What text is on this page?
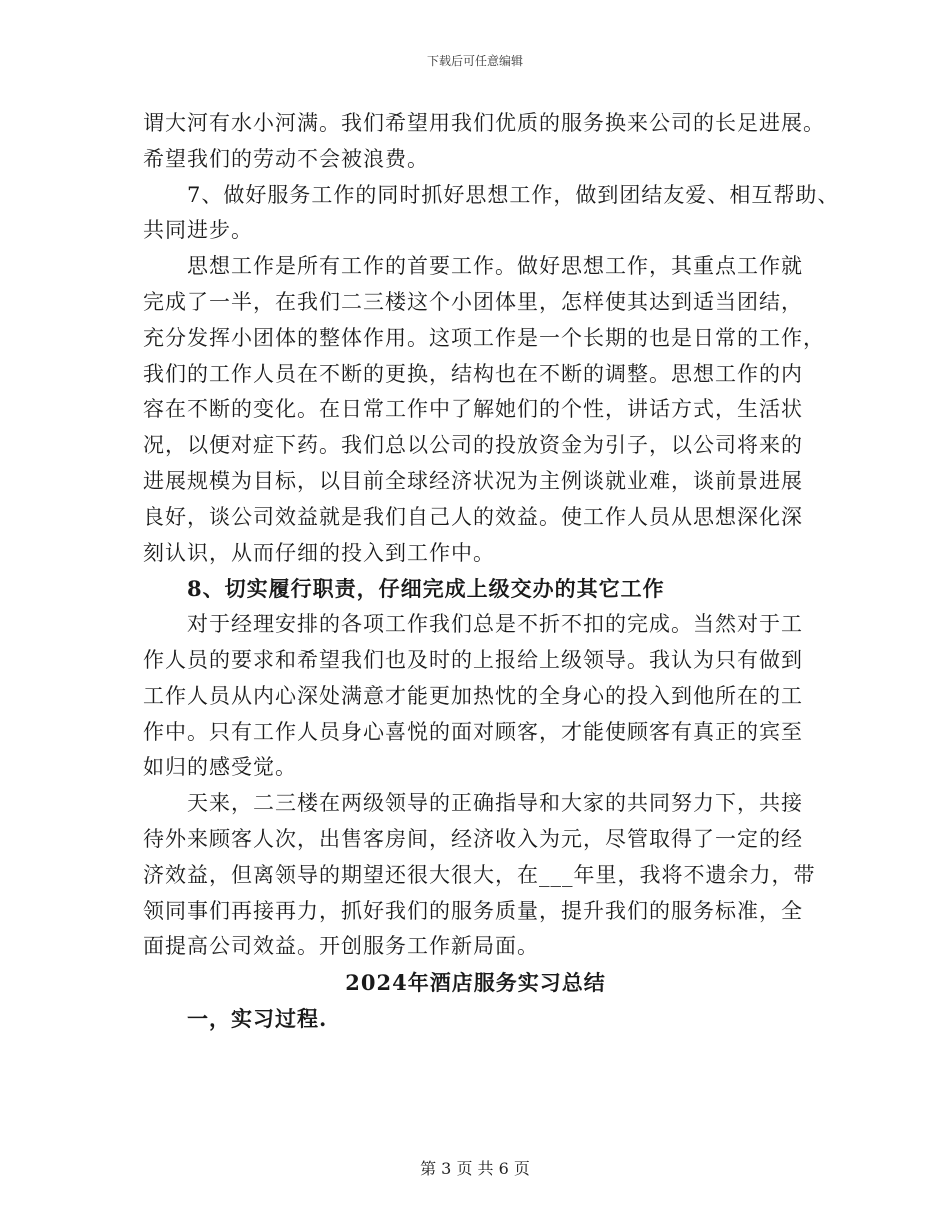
下载后可任意编辑
谓大河有水小河满。我们希望用我们优质的服务换来公司的长足进展。
希望我们的劳动不会被浪费。
7、做好服务工作的同时抓好思想工作，做到团结友爱、相互帮助、
共同进步。
思想工作是所有工作的首要工作。做好思想工作，其重点工作就
完成了一半，在我们二三楼这个小团体里，怎样使其达到适当团结，
充分发挥小团体的整体作用。这项工作是一个长期的也是日常的工作，
我们的工作人员在不断的更换，结构也在不断的调整。思想工作的内
容在不断的变化。在日常工作中了解她们的个性，讲话方式，生活状
况，以便对症下药。我们总以公司的投放资金为引子，以公司将来的
进展规模为目标，以目前全球经济状况为主例谈就业难，谈前景进展
良好，谈公司效益就是我们自己人的效益。使工作人员从思想深化深
刻认识，从而仔细的投入到工作中。
8、切实履行职责，仔细完成上级交办的其它工作
对于经理安排的各项工作我们总是不折不扣的完成。当然对于工
作人员的要求和希望我们也及时的上报给上级领导。我认为只有做到
工作人员从内心深处满意才能更加热忱的全身心的投入到他所在的工
作中。只有工作人员身心喜悦的面对顾客，才能使顾客有真正的宾至
如归的感受觉。
天来，二三楼在两级领导的正确指导和大家的共同努力下，共接
待外来顾客人次，出售客房间，经济收入为元，尽管取得了一定的经
济效益，但离领导的期望还很大很大，在___年里，我将不遗余力，带
领同事们再接再力，抓好我们的服务质量，提升我们的服务标准，全
面提高公司效益。开创服务工作新局面。
2024年酒店服务实习总结
一，实习过程.
第 3 页 共 6 页
